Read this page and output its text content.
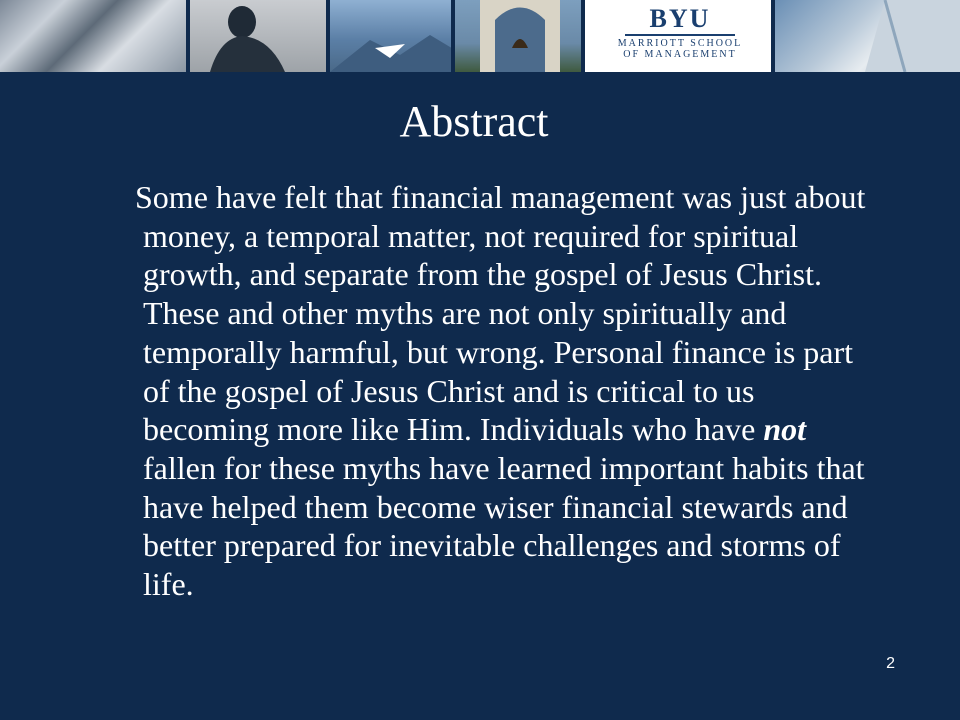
BYU
MARRIOTT SCHOOL
OF MANAGEMENT
Abstract
Some have felt that financial management was just about money, a temporal matter, not required for spiritual growth, and separate from the gospel of Jesus Christ. These and other myths are not only spiritually and temporally harmful, but wrong. Personal finance is part of the gospel of Jesus Christ and is critical to us becoming more like Him. Individuals who have not fallen for these myths have learned important habits that have helped them become wiser financial stewards and better prepared for inevitable challenges and storms of life.
2
